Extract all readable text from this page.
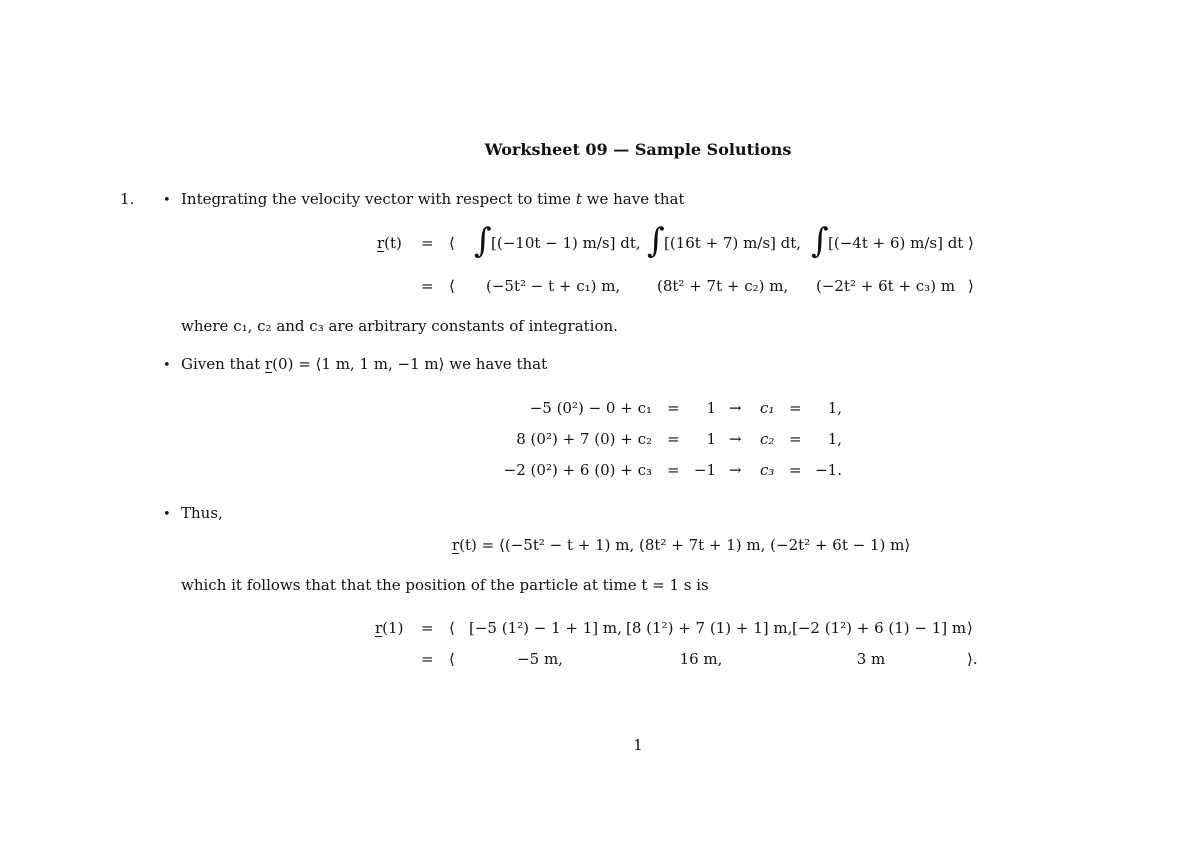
Worksheet 09 — Sample Solutions
1. • Integrating the velocity vector with respect to time t we have that
r(t) = ⟨ ∫ [(−10t − 1) m/s] dt, ∫ [(16t + 7) m/s] dt, ∫ [(−4t + 6) m/s] dt ⟩
= ⟨ (−5t² − t + c₁) m, (8t² + 7t + c₂) m, (−2t² + 6t + c₃) m ⟩
where c₁, c₂ and c₃ are arbitrary constants of integration.
• Given that r(0) = ⟨1 m, 1 m, −1 m⟩ we have that
−5 (0²) − 0 + c₁ =	1 → c₁ =	1,
8 (0²) + 7 (0) + c₂ =	1 → c₂ =	1,
−2 (0²) + 6 (0) + c₃ = −1 → c₃ = −1.
• Thus,
r(t) = ⟨(−5t² − t + 1) m, (8t² + 7t + 1) m, (−2t² + 6t − 1) m⟩
which it follows that that the position of the particle at time t = 1 s is
r(1) = ⟨ [−5 (1²) − 1 + 1] m, [8 (1²) + 7 (1) + 1] m, [−2 (1²) + 6 (1) − 1] m ⟩
= ⟨	−5 m,	16 m,	3 m	⟩.
1
